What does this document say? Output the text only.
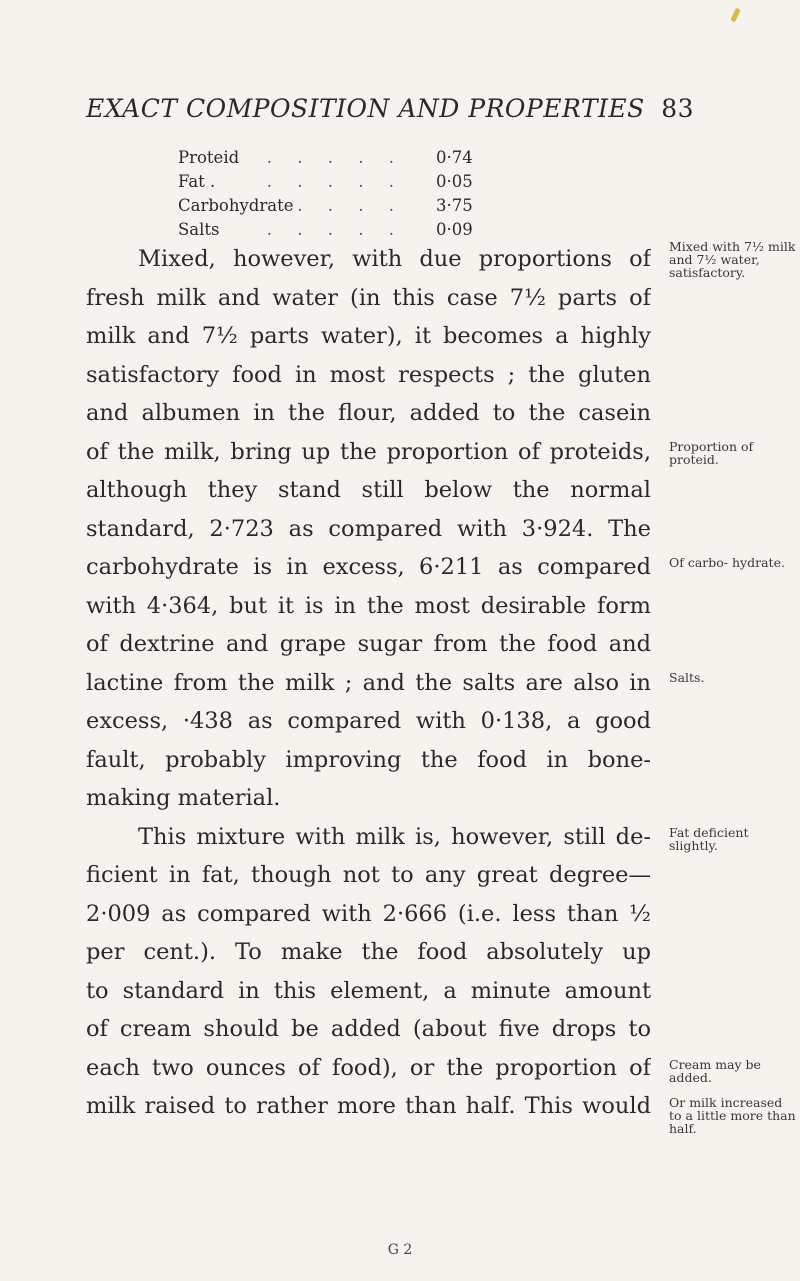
EXACT COMPOSITION AND PROPERTIES 83
Proteid . . . . . 0·74
Fat .	. . . . . 0·05
Carbohydrate . . . . 3·75
Salts	. . . . . 0·09
Mixed, however, with due proportions of
fresh milk and water (in this case 7½ parts of
milk and 7½ parts water), it becomes a highly
satisfactory food in most respects ; the gluten
and albumen in the flour, added to the casein
of the milk, bring up the proportion of proteids,
although they stand still below the normal
standard, 2·723 as compared with 3·924. The
carbohydrate is in excess, 6·211 as compared
with 4·364, but it is in the most desirable form
of dextrine and grape sugar from the food and
lactine from the milk ; and the salts are also in
excess, ·438 as compared with 0·138, a good
fault, probably improving the food in bone-
making material.
This mixture with milk is, however, still de-
ficient in fat, though not to any great degree—
2·009 as compared with 2·666 (i.e. less than ½
per cent.). To make the food absolutely up
to standard in this element, a minute amount
of cream should be added (about five drops to
each two ounces of food), or the proportion of
milk raised to rather more than half. This would
Mixed with 7½ milk and 7½ water, satisfactory.
Proportion of proteid.
Of carbo- hydrate.
Salts.
Fat deficient slightly.
Cream may be added.
Or milk increased to a little more than half.
G 2
